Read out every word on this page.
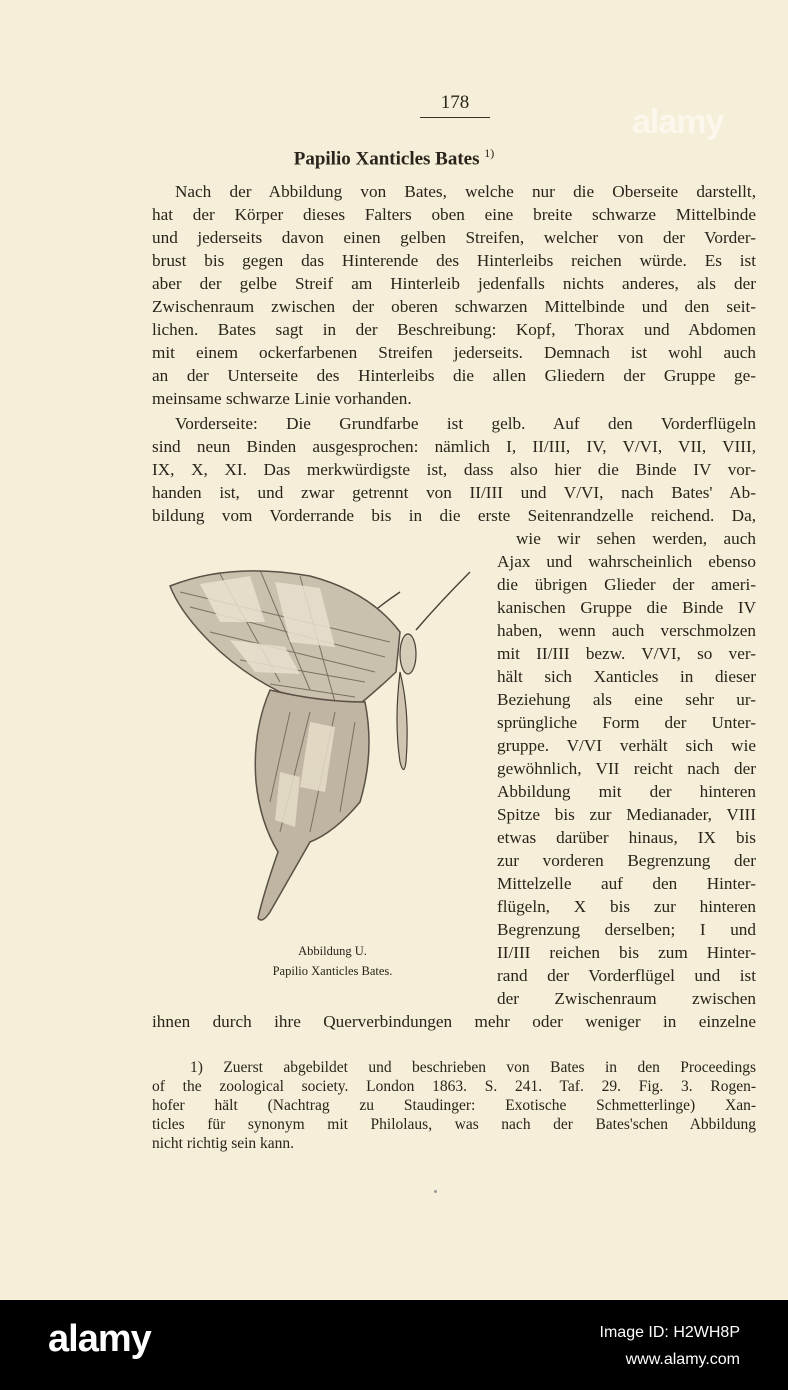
alamy
178
Papilio Xanticles Bates $^{1)}$
Nach der Abbildung von Bates, welche nur die Oberseite darstellt,
hat der Körper dieses Falters oben eine breite schwarze Mittelbinde
und jederseits davon einen gelben Streifen, welcher von der Vorder-
brust bis gegen das Hinterende des Hinterleibs reichen würde. Es ist
aber der gelbe Streif am Hinterleib jedenfalls nichts anderes, als der
Zwischenraum zwischen der oberen schwarzen Mittelbinde und den seit-
lichen. Bates sagt in der Beschreibung: Kopf, Thorax und Abdomen
mit einem ockerfarbenen Streifen jederseits. Demnach ist wohl auch
an der Unterseite des Hinterleibs die allen Gliedern der Gruppe ge-
meinsame schwarze Linie vorhanden.
Vorderseite: Die Grundfarbe ist gelb. Auf den Vorderflügeln
sind neun Binden ausgesprochen: nämlich I, II/III, IV, V/VI, VII, VIII,
IX, X, XI. Das merkwürdigste ist, dass also hier die Binde IV vor-
handen ist, und zwar getrennt von II/III und V/VI, nach Bates' Ab-
bildung vom Vorderrande bis in die erste Seitenrandzelle reichend. Da,
Abbildung U.
Papilio Xanticles Bates.
wie wir sehen werden, auch
Ajax und wahrscheinlich ebenso
die übrigen Glieder der ameri-
kanischen Gruppe die Binde IV
haben, wenn auch verschmolzen
mit II/III bezw. V/VI, so ver-
hält sich Xanticles in dieser
Beziehung als eine sehr ur-
sprüngliche Form der Unter-
gruppe. V/VI verhält sich wie
gewöhnlich, VII reicht nach der
Abbildung mit der hinteren
Spitze bis zur Medianader, VIII
etwas darüber hinaus, IX bis
zur vorderen Begrenzung der
Mittelzelle auf den Hinter-
flügeln, X bis zur hinteren
Begrenzung derselben; I und
II/III reichen bis zum Hinter-
rand der Vorderflügel und ist
der Zwischenraum zwischen
ihnen durch ihre Querverbindungen mehr oder weniger in einzelne
1) Zuerst abgebildet und beschrieben von Bates in den Proceedings
of the zoological society. London 1863. S. 241. Taf. 29. Fig. 3. Rogen-
hofer hält (Nachtrag zu Staudinger: Exotische Schmetterlinge) Xan-
ticles für synonym mit Philolaus, was nach der Bates'schen Abbildung
nicht richtig sein kann.
alamy	Image ID: H2WH8P
www.alamy.com
